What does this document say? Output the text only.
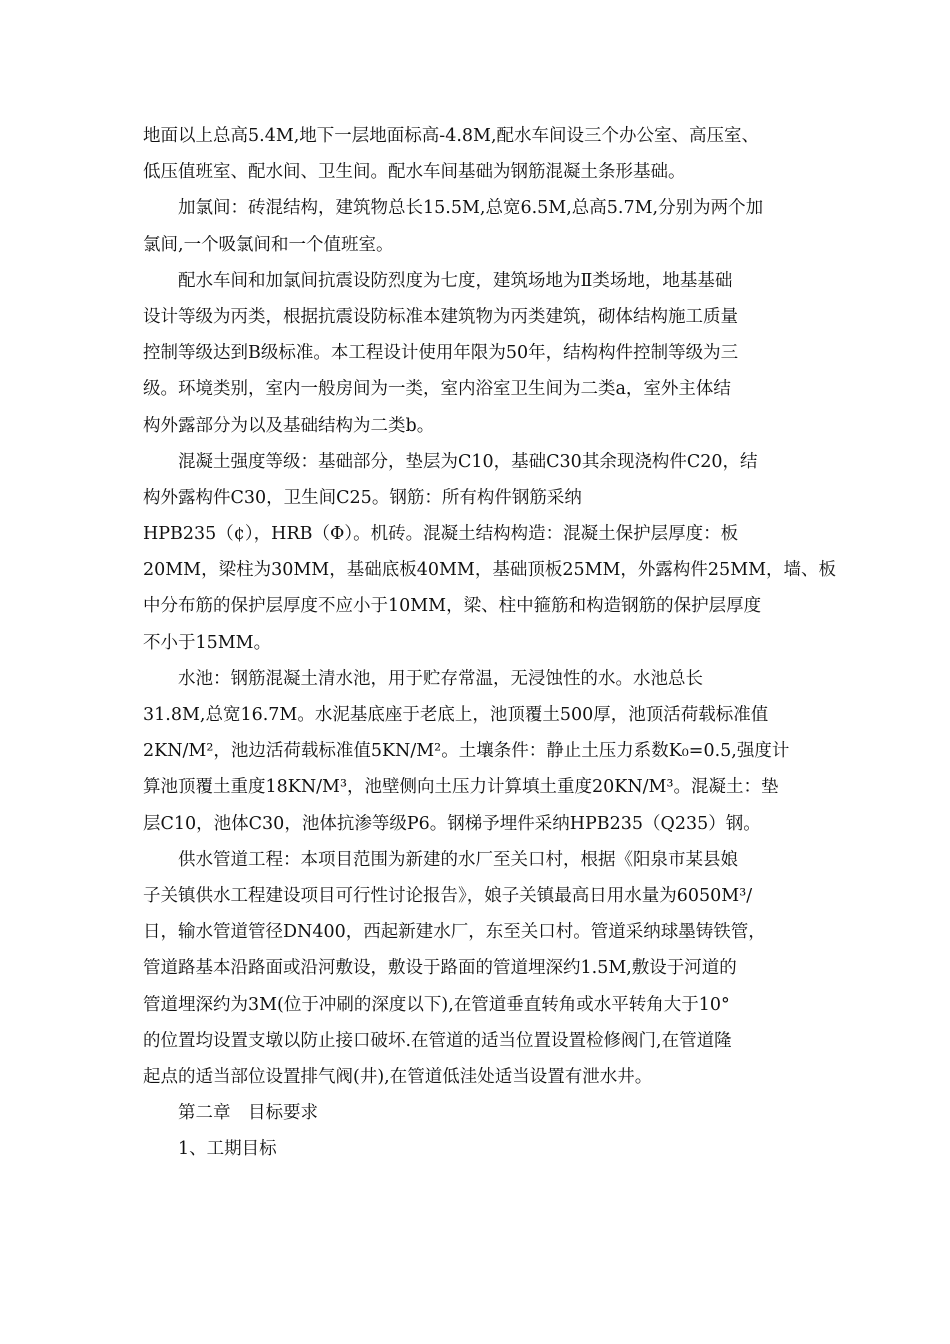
地面以上总高5.4M,地下一层地面标高-4.8M,配水车间设三个办公室、高压室、
低压值班室、配水间、卫生间。配水车间基础为钢筋混凝土条形基础。
加氯间：砖混结构，建筑物总长15.5M,总宽6.5M,总高5.7M,分别为两个加
氯间,一个吸氯间和一个值班室。
配水车间和加氯间抗震设防烈度为七度，建筑场地为Ⅱ类场地，地基基础
设计等级为丙类，根据抗震设防标准本建筑物为丙类建筑，砌体结构施工质量
控制等级达到B级标准。本工程设计使用年限为50年，结构构件控制等级为三
级。环境类别，室内一般房间为一类，室内浴室卫生间为二类a，室外主体结
构外露部分为以及基础结构为二类b。
混凝土强度等级：基础部分，垫层为C10，基础C30其余现浇构件C20，结
构外露构件C30，卫生间C25。钢筋：所有构件钢筋采纳
HPB235（¢），HRB（Φ）。机砖。混凝土结构构造：混凝土保护层厚度：板
20MM，梁柱为30MM，基础底板40MM，基础顶板25MM，外露构件25MM，墙、板
中分布筋的保护层厚度不应小于10MM，梁、柱中箍筋和构造钢筋的保护层厚度
不小于15MM。
水池：钢筋混凝土清水池，用于贮存常温，无浸蚀性的水。水池总长
31.8M,总宽16.7M。水泥基底座于老底上，池顶覆土500厚，池顶活荷载标准值
2KN/M²，池边活荷载标准值5KN/M²。土壤条件：静止土压力系数K₀=0.5,强度计
算池顶覆土重度18KN/M³，池壁侧向土压力计算填土重度20KN/M³。混凝土：垫
层C10，池体C30，池体抗渗等级P6。钢梯予埋件采纳HPB235（Q235）钢。
供水管道工程：本项目范围为新建的水厂至关口村，根据《阳泉市某县娘
子关镇供水工程建设项目可行性讨论报告》，娘子关镇最高日用水量为6050M³/
日，输水管道管径DN400，西起新建水厂，东至关口村。管道采纳球墨铸铁管，
管道路基本沿路面或沿河敷设，敷设于路面的管道埋深约1.5M,敷设于河道的
管道埋深约为3M(位于冲刷的深度以下),在管道垂直转角或水平转角大于10°
的位置均设置支墩以防止接口破坏.在管道的适当位置设置检修阀门,在管道隆
起点的适当部位设置排气阀(井),在管道低洼处适当设置有泄水井。
第二章　目标要求
1、工期目标
